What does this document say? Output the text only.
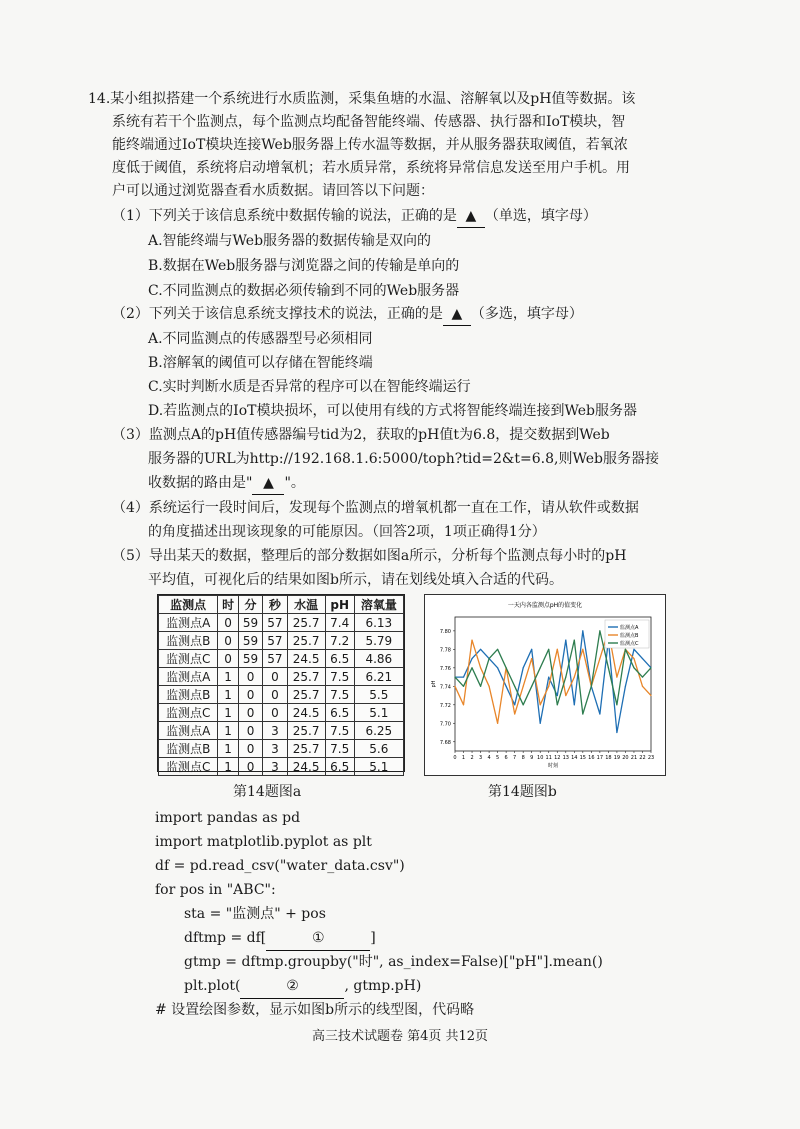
14.某小组拟搭建一个系统进行水质监测，采集鱼塘的水温、溶解氧以及pH值等数据。该
系统有若干个监测点，每个监测点均配备智能终端、传感器、执行器和IoT模块，智
能终端通过IoT模块连接Web服务器上传水温等数据，并从服务器获取阈值，若氧浓
度低于阈值，系统将启动增氧机；若水质异常，系统将异常信息发送至用户手机。用
户可以通过浏览器查看水质数据。请回答以下问题：
（1）下列关于该信息系统中数据传输的说法，正确的是 ▲ （单选，填字母）
A.智能终端与Web服务器的数据传输是双向的
B.数据在Web服务器与浏览器之间的传输是单向的
C.不同监测点的数据必须传输到不同的Web服务器
（2）下列关于该信息系统支撑技术的说法，正确的是 ▲ （多选，填字母）
A.不同监测点的传感器型号必须相同
B.溶解氧的阈值可以存储在智能终端
C.实时判断水质是否异常的程序可以在智能终端运行
D.若监测点的IoT模块损坏，可以使用有线的方式将智能终端连接到Web服务器
（3）监测点A的pH值传感器编号tid为2，获取的pH值t为6.8，提交数据到Web
服务器的URL为http://192.168.1.6:5000/toph?tid=2&t=6.8,则Web服务器接
收数据的路由是" ▲ "。
（4）系统运行一段时间后，发现每个监测点的增氧机都一直在工作，请从软件或数据
的角度描述出现该现象的可能原因。（回答2项，1项正确得1分）
（5）导出某天的数据，整理后的部分数据如图a所示，分析每个监测点每小时的pH
平均值，可视化后的结果如图b所示，请在划线处填入合适的代码。
监测点	时	分	秒	水温	pH	溶氧量
监测点A	0	59	57	25.7	7.4	6.13
监测点B	0	59	57	25.7	7.2	5.79
监测点C	0	59	57	24.5	6.5	4.86
监测点A	1	0	0	25.7	7.5	6.21
监测点B	1	0	0	25.7	7.5	5.5
监测点C	1	0	0	24.5	6.5	5.1
监测点A	1	0	3	25.7	7.5	6.25
监测点B	1	0	3	25.7	7.5	5.6
监测点C	1	0	3	24.5	6.5	5.1
一天内各监测点pH的值变化
7.68
7.70
7.72
7.74
7.76
7.78
7.80
0 1 2 3 4 5 6 7 8 9 10 11 12 13 14 15 16 17 18 19 20 21 22 23
时刻
pH
监测点A
监测点B
监测点C
第14题图a	第14题图b
import pandas as pd
import matplotlib.pyplot as plt
df = pd.read_csv("water_data.csv")
for pos in "ABC":
sta = "监测点" + pos
dftmp = df[	①	]
gtmp = dftmp.groupby("时", as_index=False)["pH"].mean()
plt.plot(	②	, gtmp.pH)
# 设置绘图参数，显示如图b所示的线型图，代码略
高三技术试题卷 第4页 共12页
